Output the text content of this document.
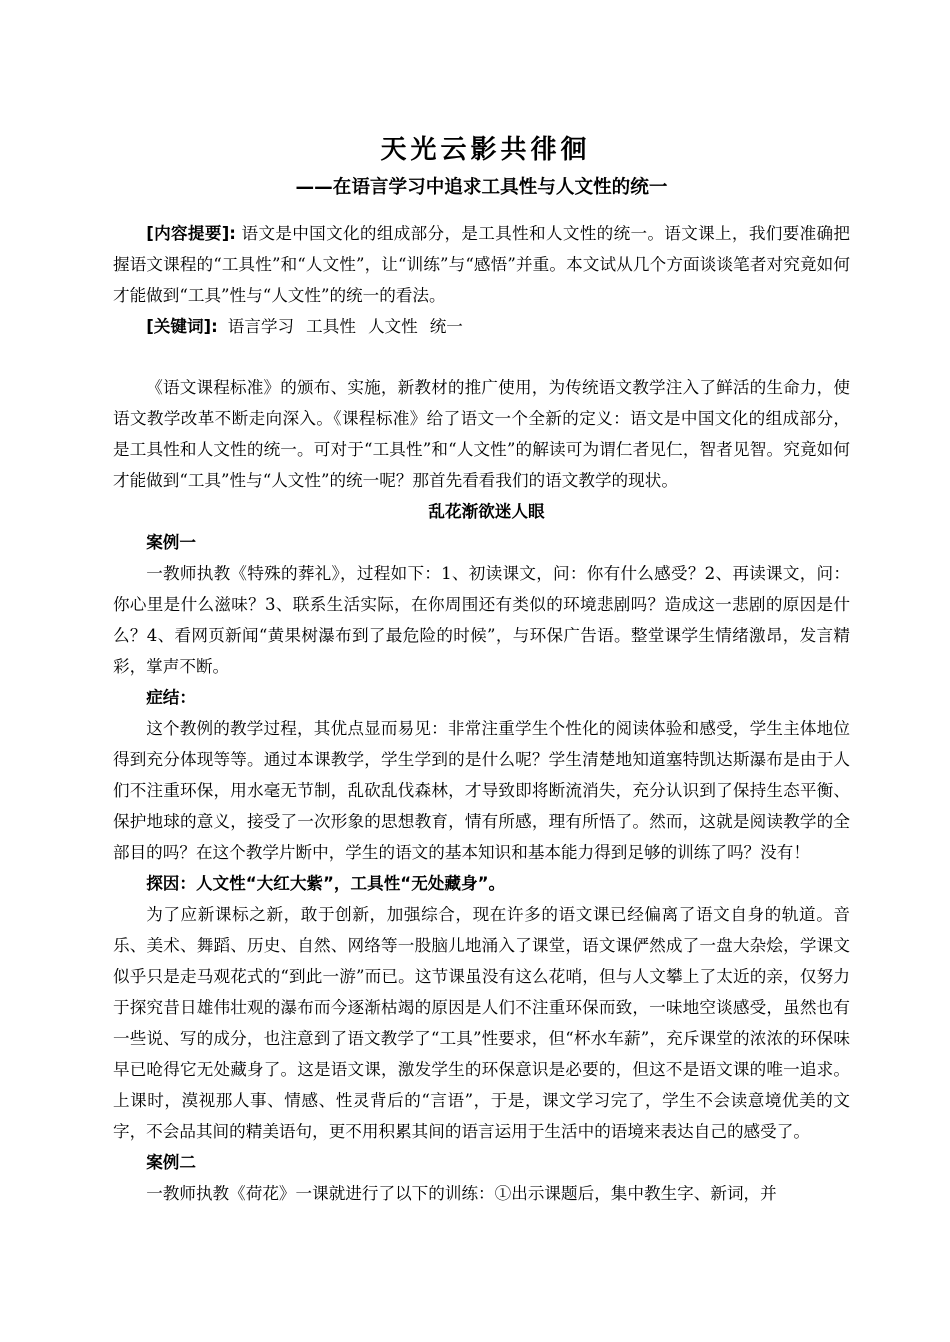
天光云影共徘徊
——在语言学习中追求工具性与人文性的统一

[内容提要]: 语文是中国文化的组成部分，是工具性和人文性的统一。语文课上，我们要准确把握语文课程的“工具性”和“人文性”，让“训练”与“感悟”并重。本文试从几个方面谈谈笔者对究竟如何才能做到“工具”性与“人文性”的统一的看法。

[关键词]: 语言学习 工具性 人文性 统一

《语文课程标准》的颁布、实施，新教材的推广使用，为传统语文教学注入了鲜活的生命力，使语文教学改革不断走向深入。《课程标准》给了语文一个全新的定义：语文是中国文化的组成部分，是工具性和人文性的统一。可对于“工具性”和“人文性”的解读可为谓仁者见仁，智者见智。究竟如何才能做到“工具”性与“人文性”的统一呢？那首先看看我们的语文教学的现状。

乱花渐欲迷人眼

案例一

一教师执教《特殊的葬礼》，过程如下：1、初读课文，问：你有什么感受？2、再读课文，问：你心里是什么滋味？3、联系生活实际，在你周围还有类似的环境悲剧吗？造成这一悲剧的原因是什么？4、看网页新闻“黄果树瀑布到了最危险的时候”，与环保广告语。整堂课学生情绪激昂，发言精彩，掌声不断。

症结：

这个教例的教学过程，其优点显而易见：非常注重学生个性化的阅读体验和感受，学生主体地位得到充分体现等等。通过本课教学，学生学到的是什么呢？学生清楚地知道塞特凯达斯瀑布是由于人们不注重环保，用水毫无节制，乱砍乱伐森林，才导致即将断流消失，充分认识到了保持生态平衡、保护地球的意义，接受了一次形象的思想教育，情有所感，理有所悟了。然而，这就是阅读教学的全部目的吗？在这个教学片断中，学生的语文的基本知识和基本能力得到足够的训练了吗？没有！

探因：人文性“大红大紫”，工具性“无处藏身”。

为了应新课标之新，敢于创新，加强综合，现在许多的语文课已经偏离了语文自身的轨道。音乐、美术、舞蹈、历史、自然、网络等一股脑儿地涌入了课堂，语文课俨然成了一盘大杂烩，学课文似乎只是走马观花式的“到此一游”而已。这节课虽没有这么花哨，但与人文攀上了太近的亲，仅努力于探究昔日雄伟壮观的瀑布而今逐渐枯竭的原因是人们不注重环保而致，一味地空谈感受，虽然也有一些说、写的成分，也注意到了语文教学了“工具”性要求，但“杯水车薪”，充斥课堂的浓浓的环保味早已呛得它无处藏身了。这是语文课，激发学生的环保意识是必要的，但这不是语文课的唯一追求。上课时，漠视那人事、情感、性灵背后的“言语”，于是，课文学习完了，学生不会读意境优美的文字，不会品其间的精美语句，更不用积累其间的语言运用于生活中的语境来表达自己的感受了。

案例二

一教师执教《荷花》一课就进行了以下的训练：①出示课题后，集中教生字、新词，并
